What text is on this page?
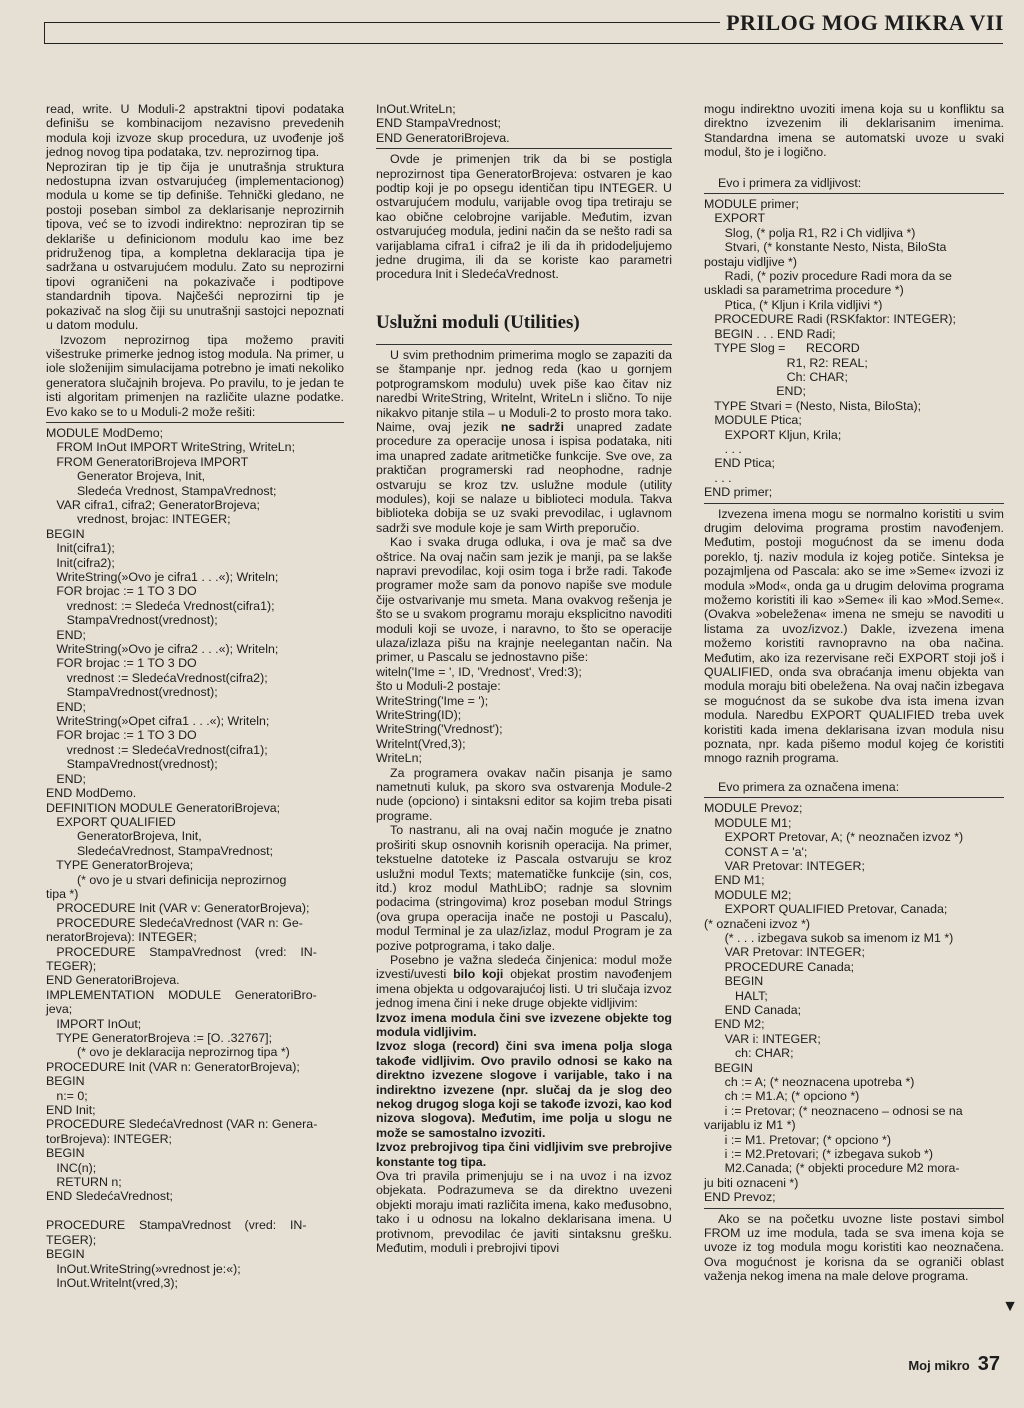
PRILOG MOG MIKRA VII

read, write. U Moduli-2 apstraktni tipovi podataka definišu se kombinacijom nezavisno prevedenih modula koji izvoze skup procedura, uz uvođenje još jednog novog tipa podataka, tzv. neprozirnog tipa.

Neproziran tip je tip čija je unutrašnja struktura nedostupna izvan ostvarujućeg (implementacionog) modula u kome se tip definiše. Tehnički gledano, ne postoji poseban simbol za deklarisanje neprozirnih tipova, već se to izvodi indirektno: neproziran tip se deklariše u definicionom modulu kao ime bez pridruženog tipa, a kompletna deklaracija tipa je sadržana u ostvarujućem modulu. Zato su neprozirni tipovi ograničeni na pokazivače i podtipove standardnih tipova. Najčešći neprozirni tip je pokazivač na slog čiji su unutrašnji sastojci nepoznati u datom modulu.

Izvozom neprozirnog tipa možemo praviti višestruke primerke jednog istog modula. Na primer, u iole složenijim simulacijama potrebno je imati nekoliko generatora slučajnih brojeva. Po pravilu, to je jedan te isti algoritam primenjen na različite ulazne podatke. Evo kako se to u Moduli-2 može rešiti:

MODULE ModDemo;
FROM InOut IMPORT WriteString, WriteLn;
FROM GeneratoriBrojeva IMPORT
Generator Brojeva, Init,
Sledeća Vrednost, StampaVrednost;
VAR cifra1, cifra2; GeneratorBrojeva;
vrednost, brojac: INTEGER;
BEGIN
Init(cifra1);
Init(cifra2);
WriteString(»Ovo je cifra1 . . .«); Writeln;
FOR brojac := 1 TO 3 DO
vrednost: := Sledeća Vrednost(cifra1);
StampaVrednost(vrednost);
END;
WriteString(»Ovo je cifra2 . . .«); Writeln;
FOR brojac := 1 TO 3 DO
vrednost := SledećaVrednost(cifra2);
StampaVrednost(vrednost);
END;
WriteString(»Opet cifra1 . . .«); Writeln;
FOR brojac := 1 TO 3 DO
vrednost := SledećaVrednost(cifra1);
StampaVrednost(vrednost);
END;
END ModDemo.
DEFINITION MODULE GeneratoriBrojeva;
EXPORT QUALIFIED
GeneratorBrojeva, Init,
SledećaVrednost, StampaVrednost;
TYPE GeneratorBrojeva;
(* ovo je u stvari definicija neprozirnog
tipa *)
PROCEDURE Init (VAR v: GeneratorBrojeva);
PROCEDURE SledećaVrednost (VAR n: Ge-
neratorBrojeva): INTEGER;
PROCEDURE    StampaVrednost    (vred:    IN-
TEGER);
END GeneratoriBrojeva.
IMPLEMENTATION    MODULE    GeneratoriBro-
jeva;
IMPORT InOut;
TYPE GeneratorBrojeva := [O. .32767];
(* ovo je deklaracija neprozirnog tipa *)
PROCEDURE Init (VAR n: GeneratorBrojeva);
BEGIN
n:= 0;
END Init;
PROCEDURE SledećaVrednost (VAR n: Genera-
torBrojeva): INTEGER;
BEGIN
INC(n);
RETURN n;
END SledećaVrednost;

PROCEDURE    StampaVrednost    (vred:    IN-
TEGER);
BEGIN
InOut.WriteString(»vrednost je:«);
InOut.Writelnt(vred,3);
InOut.WriteLn;
END StampaVrednost;
END GeneratoriBrojeva.

Ovde je primenjen trik da bi se postigla neprozirnost tipa GeneratorBrojeva: ostvaren je kao podtip koji je po opsegu identičan tipu INTEGER. U ostvarujućem modulu, varijable ovog tipa tretiraju se kao obične celobrojne varijable. Međutim, izvan ostvarujućeg modula, jedini način da se nešto radi sa varijablama cifra1 i cifra2 je ili da ih pridodeljujemo jedne drugima, ili da se koriste kao parametri procedura Init i SledećaVrednost.

Uslužni moduli (Utilities)

U svim prethodnim primerima moglo se zapaziti da se štampanje npr. jednog reda (kao u gornjem potprogramskom modulu) uvek piše kao čitav niz naredbi WriteString, Writelnt, WriteLn i slično. To nije nikakvo pitanje stila – u Moduli-2 to prosto mora tako. Naime, ovaj jezik ne sadrži unapred zadate procedure za operacije unosa i ispisa podataka, niti ima unapred zadate aritmetičke funkcije. Sve ove, za praktičan programerski rad neophodne, radnje ostvaruju se kroz tzv. uslužne module (utility modules), koji se nalaze u biblioteci modula. Takva biblioteka dobija se uz svaki prevodilac, i uglavnom sadrži sve module koje je sam Wirth preporučio.

Kao i svaka druga odluka, i ova je mač sa dve oštrice. Na ovaj način sam jezik je manji, pa se lakše napravi prevodilac, koji osim toga i brže radi. Takođe programer može sam da ponovo napiše sve module čije ostvarivanje mu smeta. Mana ovakvog rešenja je što se u svakom programu moraju eksplicitno navoditi moduli koji se uvoze, i naravno, to što se operacije ulaza/izlaza pišu na krajnje neelegantan način. Na primer, u Pascalu se jednostavno piše:

witeln('Ime = ', ID, 'Vrednost', Vred:3);
što u Moduli-2 postaje:
WriteString('Ime = ');
WriteString(ID);
WriteString('Vrednost');
Writelnt(Vred,3);
WriteLn;

Za programera ovakav način pisanja je samo nametnuti kuluk, pa skoro sva ostvarenja Module-2 nude (opciono) i sintaksni editor sa kojim treba pisati programe.

To nastranu, ali na ovaj način moguće je znatno proširiti skup osnovnih korisnih operacija. Na primer, tekstuelne datoteke iz Pascala ostvaruju se kroz uslužni modul Texts; matematičke funkcije (sin, cos, itd.) kroz modul MathLibO; radnje sa slovnim podacima (stringovima) kroz poseban modul Strings (ova grupa operacija inače ne postoji u Pascalu), modul Terminal je za ulaz/izlaz, modul Program je za pozive potprograma, i tako dalje.

Posebno je važna sledeća činjenica: modul može izvesti/uvesti bilo koji objekat prostim navođenjem imena objekta u odgovarajućoj listi. U tri slučaja izvoz jednog imena čini i neke druge objekte vidljivim:

Izvoz imena modula čini sve izvezene objekte tog modula vidljivim.

Izvoz sloga (record) čini sva imena polja sloga takođe vidljivim. Ovo pravilo odnosi se kako na direktno izvezene slogove i varijable, tako i na indirektno izvezene (npr. slučaj da je slog deo nekog drugog sloga koji se takođe izvozi, kao kod nizova slogova). Međutim, ime polja u slogu ne može se samostalno izvoziti.

Izvoz prebrojivog tipa čini vidljivim sve prebrojive konstante tog tipa.

Ova tri pravila primenjuju se i na uvoz i na izvoz objekata. Podrazumeva se da direktno uvezeni objekti moraju imati različita imena, kako međusobno, tako i u odnosu na lokalno deklarisana imena. U protivnom, prevodilac će javiti sintaksnu grešku. Međutim, moduli i prebrojivi tipovi

mogu indirektno uvoziti imena koja su u konfliktu sa direktno izvezenim ili deklarisanim imenima. Standardna imena se automatski uvoze u svaki modul, što je i logično.

Evo i primera za vidljivost:

MODULE primer;
EXPORT
Slog, (* polja R1, R2 i Ch vidljiva *)
Stvari, (* konstante Nesto, Nista, BiloSta
postaju vidljive *)
Radi, (* poziv procedure Radi mora da se
uskladi sa parametrima procedure *)
Ptica, (* Kljun i Krila vidljivi *)
PROCEDURE Radi (RSKfaktor: INTEGER);
BEGIN . . . END Radi;
TYPE Slog =      RECORD
R1, R2: REAL;
Ch: CHAR;
END;
TYPE Stvari = (Nesto, Nista, BiloSta);
MODULE Ptica;
EXPORT Kljun, Krila;
. . .
END Ptica;
. . .
END primer;

Izvezena imena mogu se normalno koristiti u svim drugim delovima programa prostim navođenjem. Međutim, postoji mogućnost da se imenu doda poreklo, tj. naziv modula iz kojeg potiče. Sinteksa je pozajmljena od Pascala: ako se ime »Seme« izvozi iz modula »Mod«, onda ga u drugim delovima programa možemo koristiti ili kao »Seme« ili kao »Mod.Seme«. (Ovakva »obeležena« imena ne smeju se navoditi u listama za uvoz/izvoz.) Dakle, izvezena imena možemo koristiti ravnopravno na oba načina. Međutim, ako iza rezervisane reči EXPORT stoji još i QUALIFIED, onda sva obraćanja imenu objekta van modula moraju biti obeležena. Na ovaj način izbegava se mogućnost da se sukobe dva ista imena izvan modula. Naredbu EXPORT QUALIFIED treba uvek koristiti kada imena deklarisana izvan modula nisu poznata, npr. kada pišemo modul kojeg će koristiti mnogo raznih programa.

Evo primera za označena imena:

MODULE Prevoz;
MODULE M1;
EXPORT Pretovar, A; (* neoznačen izvoz *)
CONST A = 'a';
VAR Pretovar: INTEGER;
END M1;
MODULE M2;
EXPORT QUALIFIED Pretovar, Canada;
(* označeni izvoz *)
(* . . . izbegava sukob sa imenom iz M1 *)
VAR Pretovar: INTEGER;
PROCEDURE Canada;
BEGIN
HALT;
END Canada;
END M2;
VAR i: INTEGER;
ch: CHAR;
BEGIN
ch := A; (* neoznacena upotreba *)
ch := M1.A; (* opciono *)
i := Pretovar; (* neoznaceno – odnosi se na
varijablu iz M1 *)
i := M1. Pretovar; (* opciono *)
i := M2.Pretovari; (* izbegava sukob *)
M2.Canada; (* objekti procedure M2 mora-
ju biti oznaceni *)
END Prevoz;

Ako se na početku uvozne liste postavi simbol FROM uz ime modula, tada se sva imena koja se uvoze iz tog modula mogu koristiti kao neoznačena. Ova mogućnost je korisna da se ograniči oblast važenja nekog imena na male delove programa.

▼
Moj mikro 37
